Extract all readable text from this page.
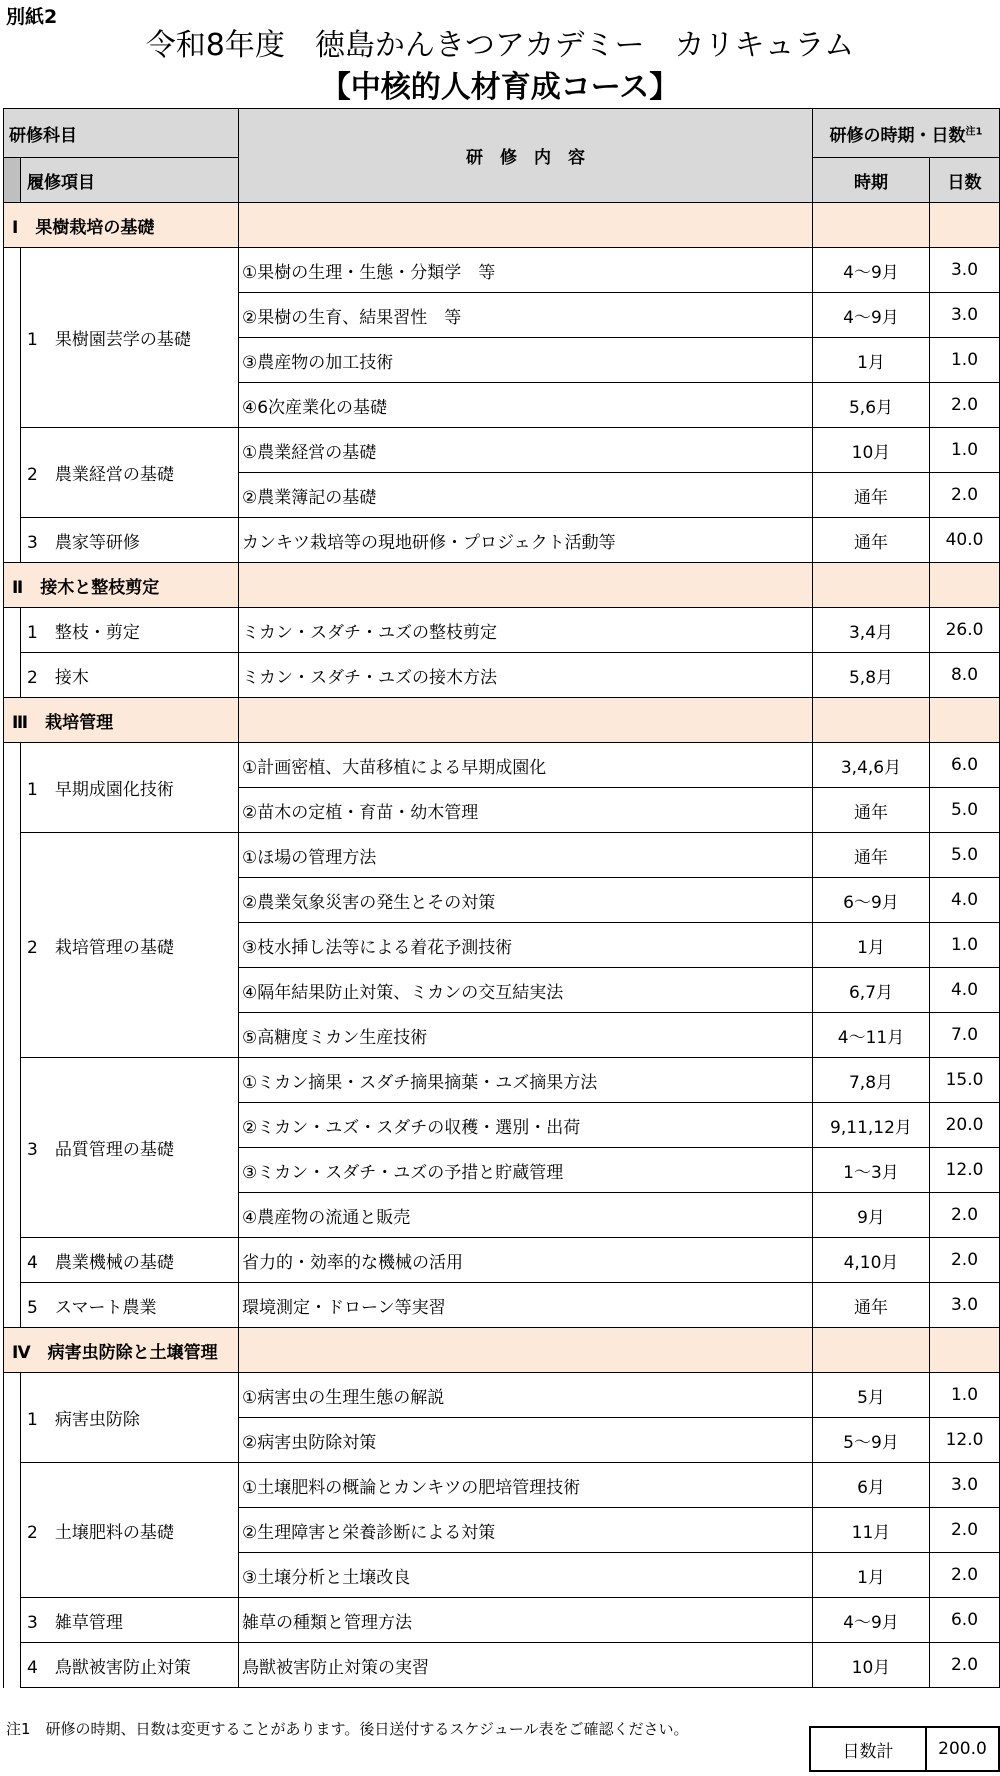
別紙2
令和8年度　徳島かんきつアカデミー　カリキュラム
【中核的人材育成コース】
研修科目		研　修　内　容	研修の時期・日数$^{注1}$
	履修項目			
			時期	日数
Ⅰ　果樹栽培の基礎				
	1　果樹園芸学の基礎	①果樹の生理・生態・分類学　等	4～9月	3.0
		②果樹の生育、結果習性　等	4～9月	3.0
		③農産物の加工技術	1月	1.0
		④6次産業化の基礎	5,6月	2.0
	2　農業経営の基礎	①農業経営の基礎	10月	1.0
		②農業簿記の基礎	通年	2.0
	3　農家等研修	カンキツ栽培等の現地研修・プロジェクト活動等	通年	40.0
Ⅱ　接木と整枝剪定				
	1　整枝・剪定	ミカン・スダチ・ユズの整枝剪定	3,4月	26.0
	2　接木	ミカン・スダチ・ユズの接木方法	5,8月	8.0
Ⅲ　栽培管理				
	1　早期成園化技術	①計画密植、大苗移植による早期成園化	3,4,6月	6.0
		②苗木の定植・育苗・幼木管理	通年	5.0
	2　栽培管理の基礎	①ほ場の管理方法	通年	5.0
		②農業気象災害の発生とその対策	6～9月	4.0
		③枝水挿し法等による着花予測技術	1月	1.0
		④隔年結果防止対策、ミカンの交互結実法	6,7月	4.0
		⑤高糖度ミカン生産技術	4～11月	7.0
	3　品質管理の基礎	①ミカン摘果・スダチ摘果摘葉・ユズ摘果方法	7,8月	15.0
		②ミカン・ユズ・スダチの収穫・選別・出荷	9,11,12月	20.0
		③ミカン・スダチ・ユズの予措と貯蔵管理	1～3月	12.0
		④農産物の流通と販売	9月	2.0
	4　農業機械の基礎	省力的・効率的な機械の活用	4,10月	2.0
	5　スマート農業	環境測定・ドローン等実習	通年	3.0
Ⅳ　病害虫防除と土壌管理				
	1　病害虫防除	①病害虫の生理生態の解説	5月	1.0
		②病害虫防除対策	5～9月	12.0
	2　土壌肥料の基礎	①土壌肥料の概論とカンキツの肥培管理技術	6月	3.0
		②生理障害と栄養診断による対策	11月	2.0
		③土壌分析と土壌改良	1月	2.0
	3　雑草管理	雑草の種類と管理方法	4～9月	6.0
	4　鳥獣被害防止対策	鳥獣被害防止対策の実習	10月	2.0
注1　研修の時期、日数は変更することがあります。後日送付するスケジュール表をご確認ください。
日数計	200.0
